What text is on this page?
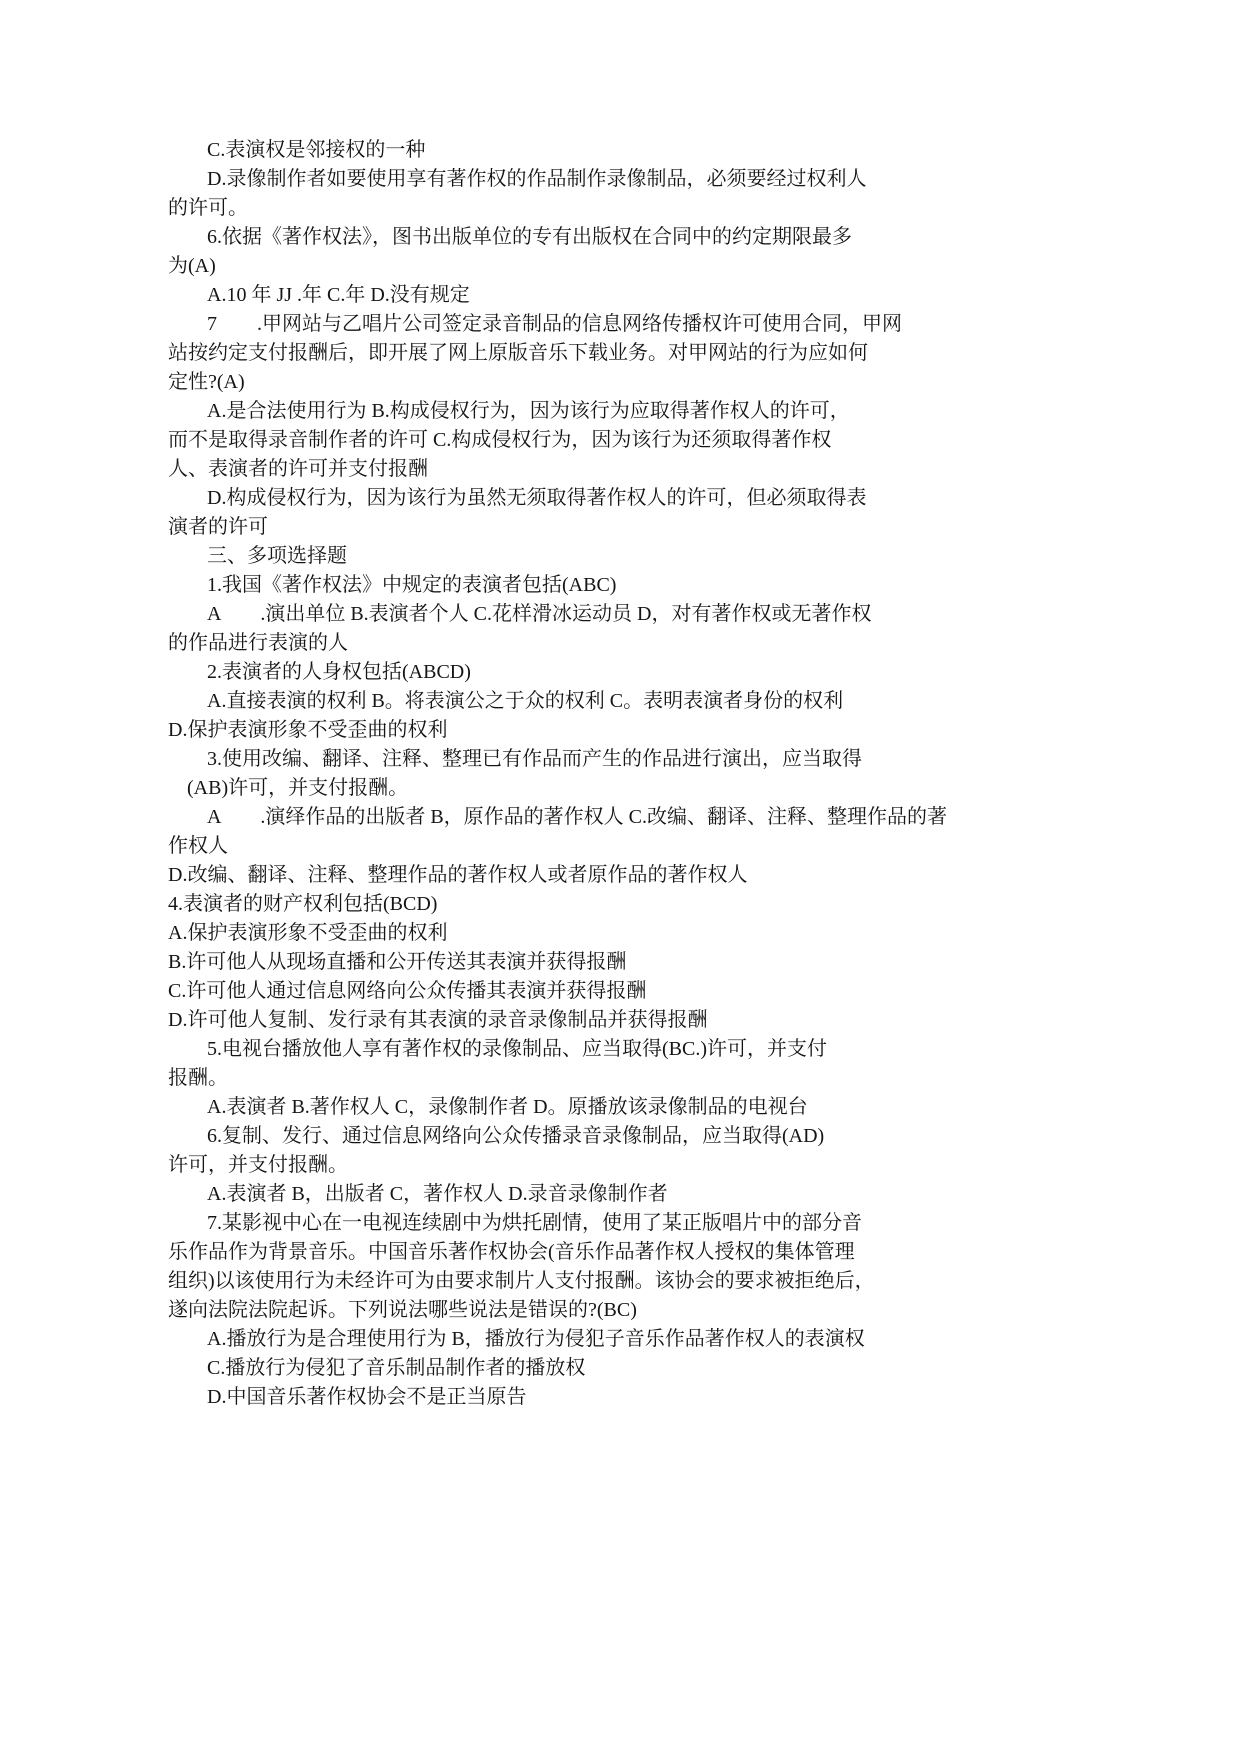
C.表演权是邻接权的一种
D.录像制作者如要使用享有著作权的作品制作录像制品，必须要经过权利人
的许可。
6.依据《著作权法》，图书出版单位的专有出版权在合同中的约定期限最多
为(A)
A.10 年 JJ .年 C.年 D.没有规定
7　　.甲网站与乙唱片公司签定录音制品的信息网络传播权许可使用合同，甲网
站按约定支付报酬后，即开展了网上原版音乐下载业务。对甲网站的行为应如何
定性?(A)
A.是合法使用行为 B.构成侵权行为，因为该行为应取得著作权人的许可，
而不是取得录音制作者的许可 C.构成侵权行为，因为该行为还须取得著作权
人、表演者的许可并支付报酬
D.构成侵权行为，因为该行为虽然无须取得著作权人的许可，但必须取得表
演者的许可
三、多项选择题
1.我国《著作权法》中规定的表演者包括(ABC)
A　　.演出单位 B.表演者个人 C.花样滑冰运动员 D，对有著作权或无著作权
的作品进行表演的人
2.表演者的人身权包括(ABCD)
A.直接表演的权利 B。将表演公之于众的权利 C。表明表演者身份的权利
D.保护表演形象不受歪曲的权利
3.使用改编、翻译、注释、整理已有作品而产生的作品进行演出，应当取得
(AB)许可，并支付报酬。
A　　.演绎作品的出版者 B，原作品的著作权人 C.改编、翻译、注释、整理作品的著
作权人
D.改编、翻译、注释、整理作品的著作权人或者原作品的著作权人
4.表演者的财产权利包括(BCD)
A.保护表演形象不受歪曲的权利
B.许可他人从现场直播和公开传送其表演并获得报酬
C.许可他人通过信息网络向公众传播其表演并获得报酬
D.许可他人复制、发行录有其表演的录音录像制品并获得报酬
5.电视台播放他人享有著作权的录像制品、应当取得(BC.)许可，并支付
报酬。
A.表演者 B.著作权人 C，录像制作者 D。原播放该录像制品的电视台
6.复制、发行、通过信息网络向公众传播录音录像制品，应当取得(AD)
许可，并支付报酬。
A.表演者 B，出版者 C，著作权人 D.录音录像制作者
7.某影视中心在一电视连续剧中为烘托剧情，使用了某正版唱片中的部分音
乐作品作为背景音乐。中国音乐著作权协会(音乐作品著作权人授权的集体管理
组织)以该使用行为未经许可为由要求制片人支付报酬。该协会的要求被拒绝后，
遂向法院法院起诉。下列说法哪些说法是错误的?(BC)
A.播放行为是合理使用行为 B，播放行为侵犯子音乐作品著作权人的表演权
C.播放行为侵犯了音乐制品制作者的播放权
D.中国音乐著作权协会不是正当原告
